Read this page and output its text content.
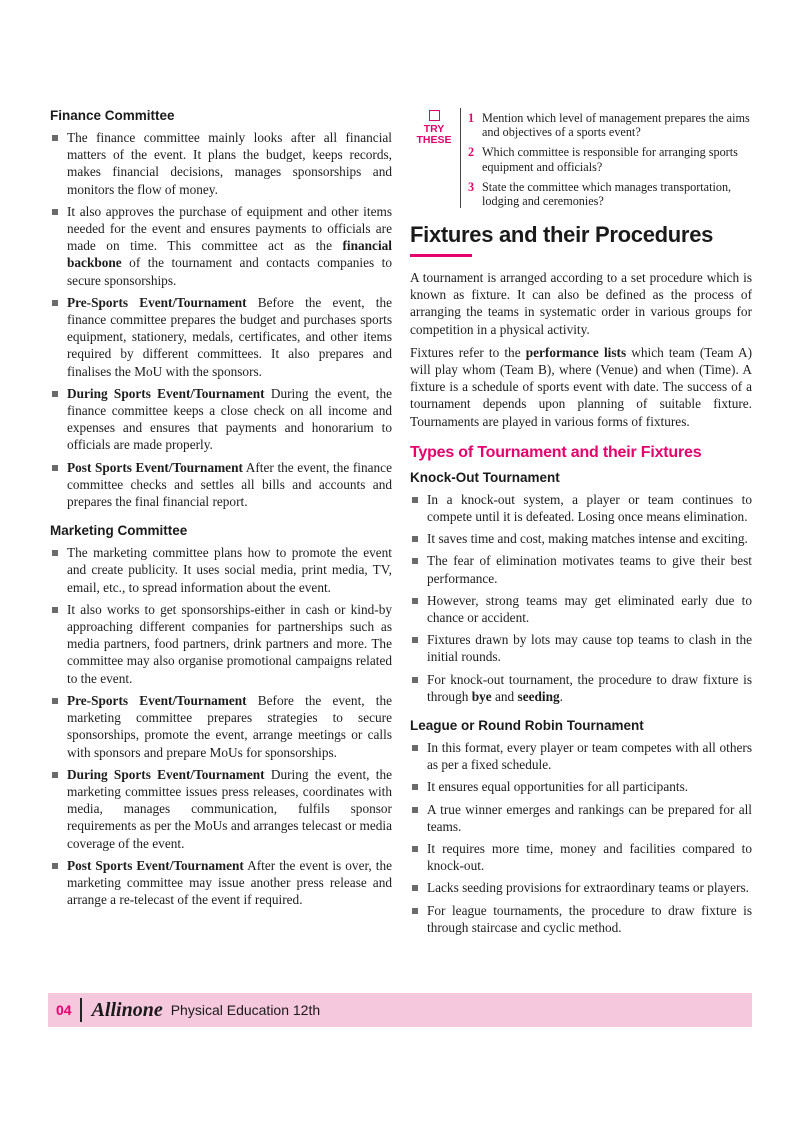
Finance Committee
The finance committee mainly looks after all financial matters of the event. It plans the budget, keeps records, makes financial decisions, manages sponsorships and monitors the flow of money.
It also approves the purchase of equipment and other items needed for the event and ensures payments to officials are made on time. This committee act as the financial backbone of the tournament and contacts companies to secure sponsorships.
Pre-Sports Event/Tournament Before the event, the finance committee prepares the budget and purchases sports equipment, stationery, medals, certificates, and other items required by different committees. It also prepares and finalises the MoU with the sponsors.
During Sports Event/Tournament During the event, the finance committee keeps a close check on all income and expenses and ensures that payments and honorarium to officials are made properly.
Post Sports Event/Tournament After the event, the finance committee checks and settles all bills and accounts and prepares the final financial report.
Marketing Committee
The marketing committee plans how to promote the event and create publicity. It uses social media, print media, TV, email, etc., to spread information about the event.
It also works to get sponsorships-either in cash or kind-by approaching different companies for partnerships such as media partners, food partners, drink partners and more. The committee may also organise promotional campaigns related to the event.
Pre-Sports Event/Tournament Before the event, the marketing committee prepares strategies to secure sponsorships, promote the event, arrange meetings or calls with sponsors and prepare MoUs for sponsorships.
During Sports Event/Tournament During the event, the marketing committee issues press releases, coordinates with media, manages communication, fulfils sponsor requirements as per the MoUs and arranges telecast or media coverage of the event.
Post Sports Event/Tournament After the event is over, the marketing committee may issue another press release and arrange a re-telecast of the event if required.
TRY
THESE
1 Mention which level of management prepares the aims and objectives of a sports event?
2 Which committee is responsible for arranging sports equipment and officials?
3 State the committee which manages transportation, lodging and ceremonies?
Fixtures and their Procedures

A tournament is arranged according to a set procedure which is known as fixture. It can also be defined as the process of arranging the teams in systematic order in various groups for competition in a physical activity.

Fixtures refer to the performance lists which team (Team A) will play whom (Team B), where (Venue) and when (Time). A fixture is a schedule of sports event with date. The success of a tournament depends upon planning of suitable fixture. Tournaments are played in various forms of fixtures.

Types of Tournament and their Fixtures
Knock-Out Tournament
In a knock-out system, a player or team continues to compete until it is defeated. Losing once means elimination.
It saves time and cost, making matches intense and exciting.
The fear of elimination motivates teams to give their best performance.
However, strong teams may get eliminated early due to chance or accident.
Fixtures drawn by lots may cause top teams to clash in the initial rounds.
For knock-out tournament, the procedure to draw fixture is through bye and seeding.
League or Round Robin Tournament
In this format, every player or team competes with all others as per a fixed schedule.
It ensures equal opportunities for all participants.
A true winner emerges and rankings can be prepared for all teams.
It requires more time, money and facilities compared to knock-out.
Lacks seeding provisions for extraordinary teams or players.
For league tournaments, the procedure to draw fixture is through staircase and cyclic method.
04 Allinone Physical Education 12th
